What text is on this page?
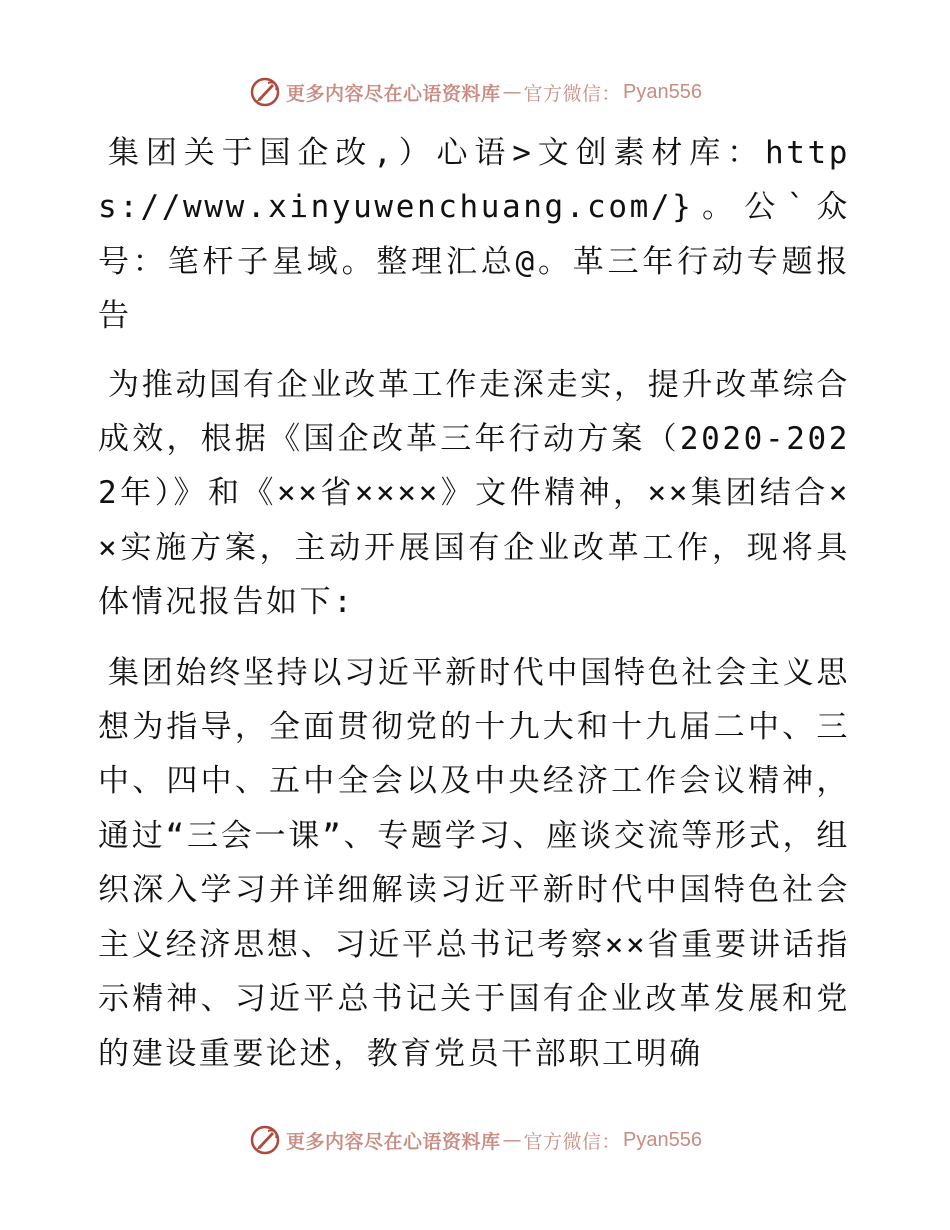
更多内容尽在心语资料库 — 官方微信： Pyan556

集团关于国企改,）心语>文创素材库：https://www.xinyuwenchuang.com/}。公`众号：笔杆子星域。整理汇总@。革三年行动专题报告

为推动国有企业改革工作走深走实，提升改革综合成效，根据《国企改革三年行动方案（2020-2022年）》和《××省××××》文件精神，××集团结合××实施方案，主动开展国有企业改革工作，现将具体情况报告如下:

集团始终坚持以习近平新时代中国特色社会主义思想为指导，全面贯彻党的十九大和十九届二中、三中、四中、五中全会以及中央经济工作会议精神，通过“三会一课”、专题学习、座谈交流等形式，组织深入学习并详细解读习近平新时代中国特色社会主义经济思想、习近平总书记考察××省重要讲话指示精神、习近平总书记关于国有企业改革发展和党的建设重要论述，教育党员干部职工明确

更多内容尽在心语资料库 — 官方微信： Pyan556
